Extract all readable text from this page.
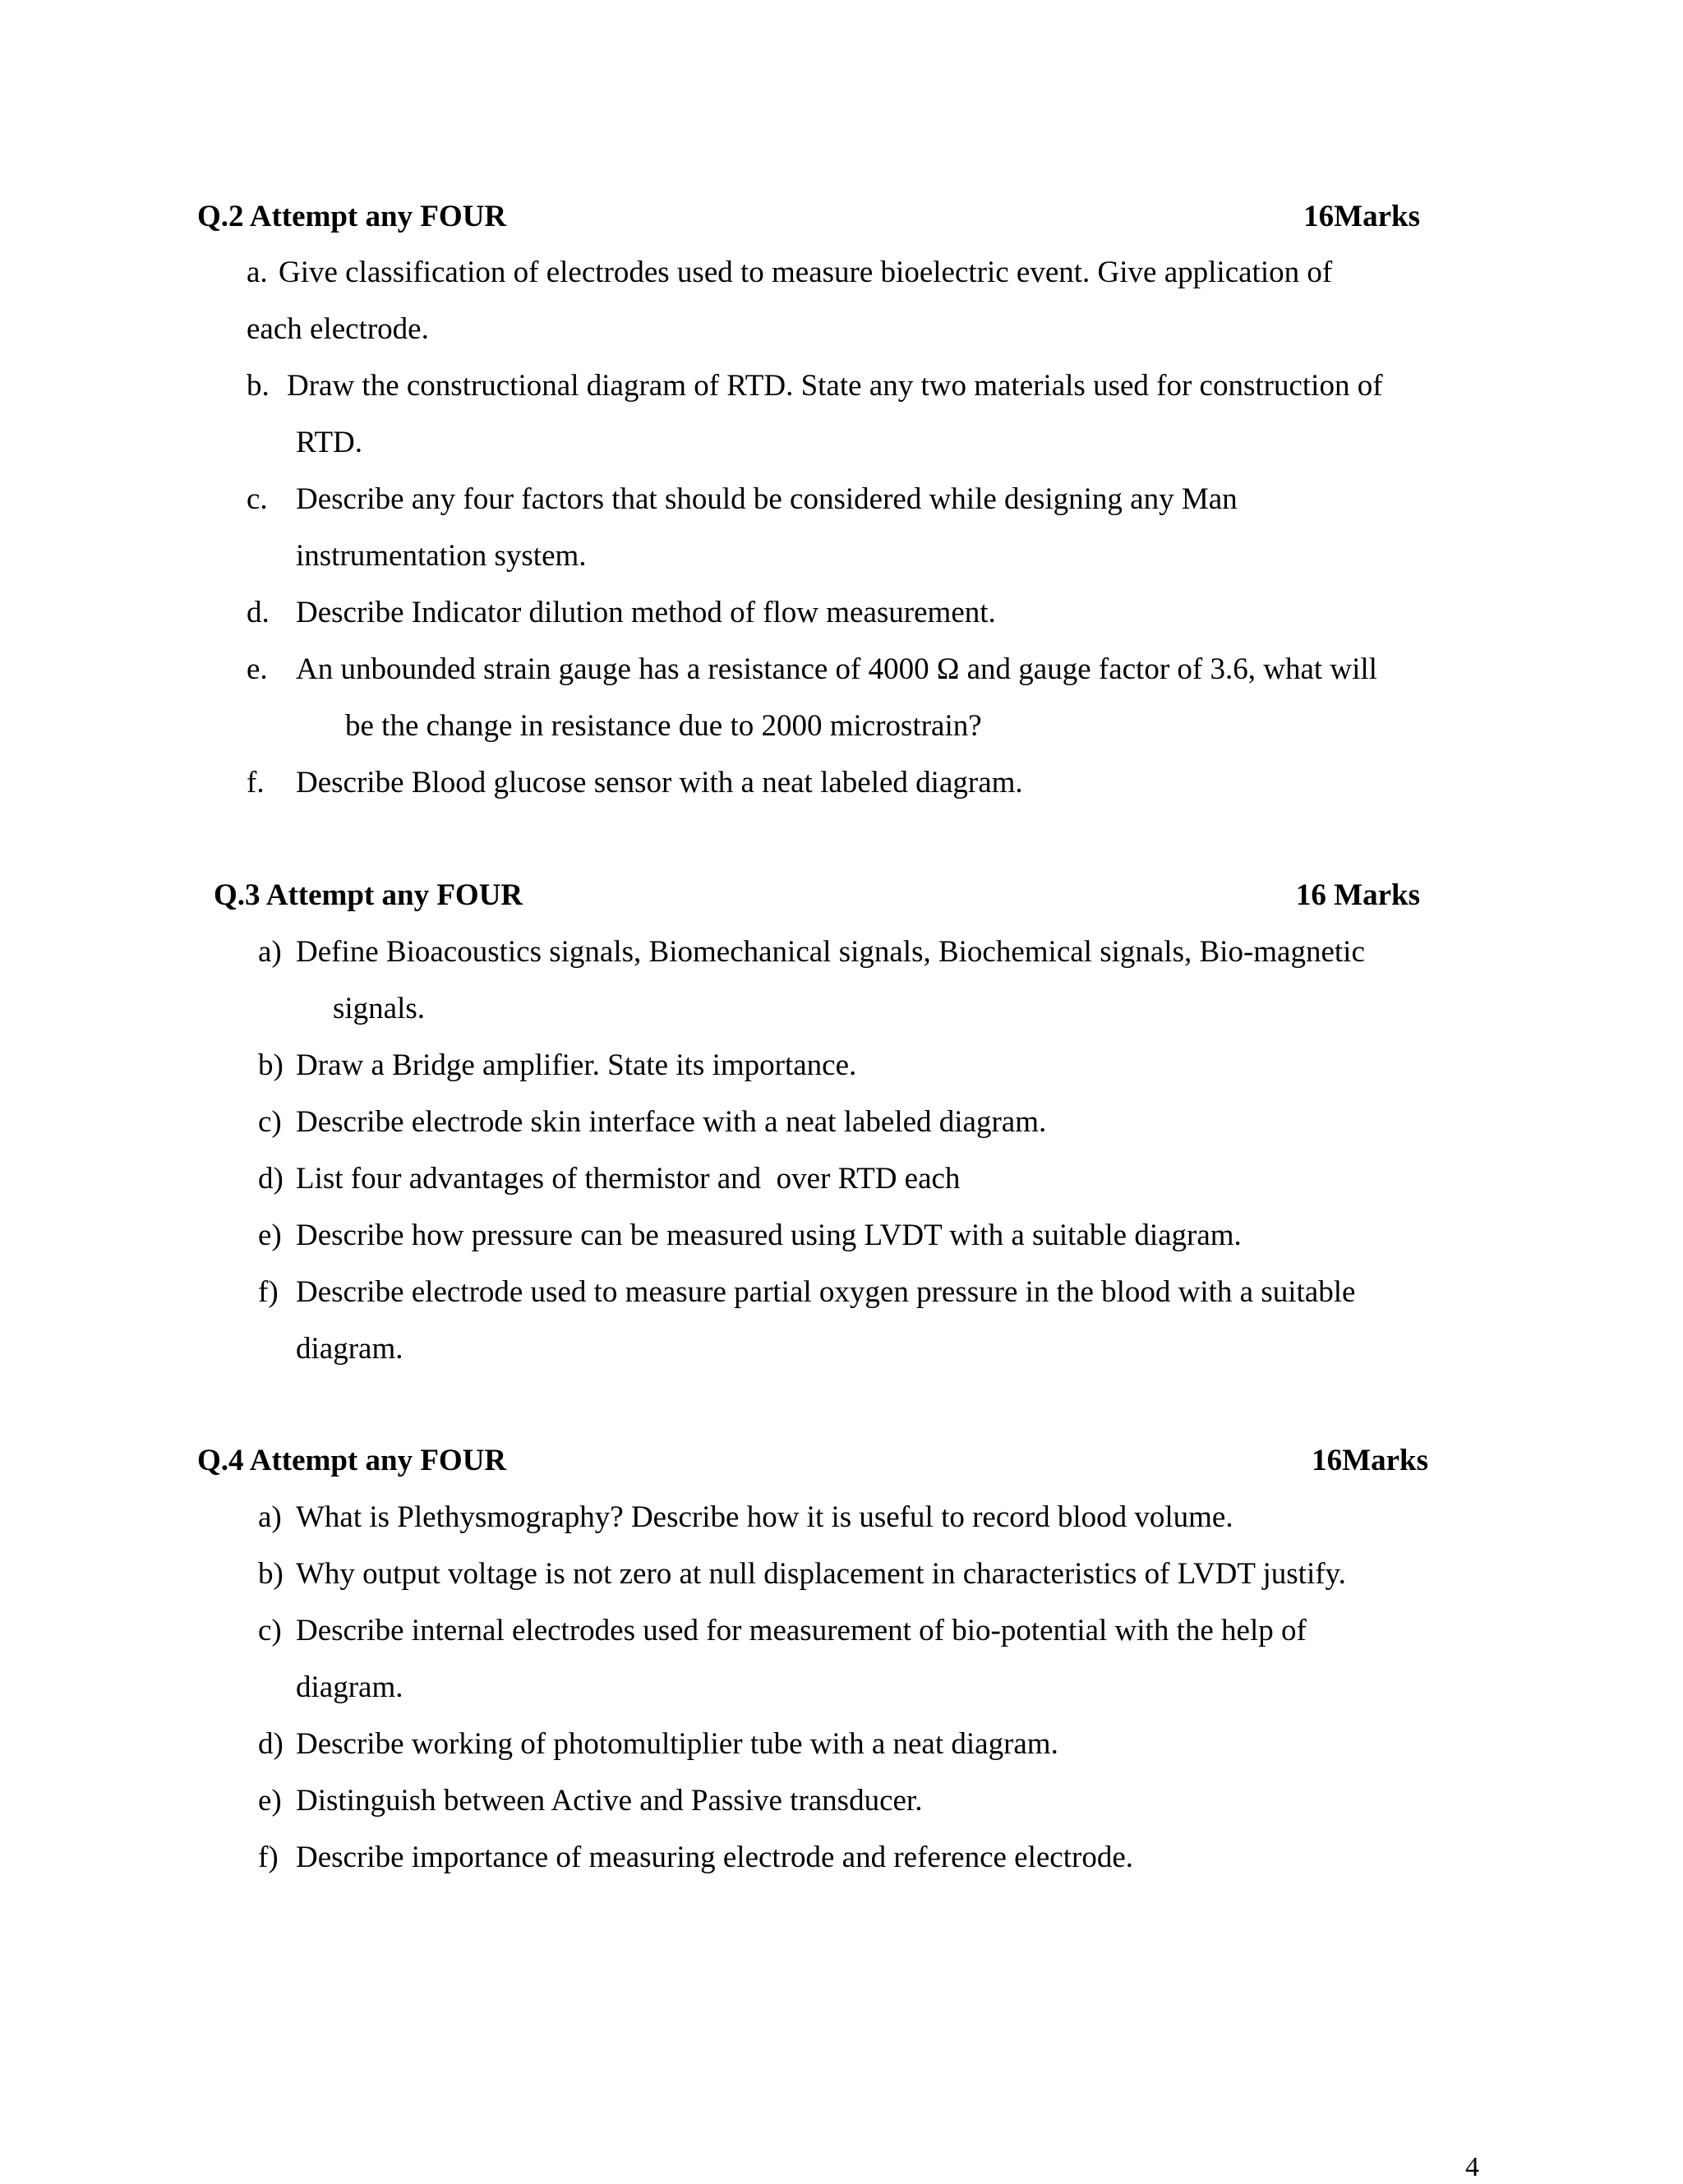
Q.2 Attempt any FOUR	16Marks
a. Give classification of electrodes used to measure bioelectric event. Give application of
each electrode.
b. Draw the constructional diagram of RTD. State any two materials used for construction of
RTD.
c. Describe any four factors that should be considered while designing any Man
instrumentation system.
d. Describe Indicator dilution method of flow measurement.
e. An unbounded strain gauge has a resistance of 4000 Ω and gauge factor of 3.6, what will
be the change in resistance due to 2000 microstrain?
f. Describe Blood glucose sensor with a neat labeled diagram.
Q.3 Attempt any FOUR	16 Marks
a) Define Bioacoustics signals, Biomechanical signals, Biochemical signals, Bio-magnetic
signals.
b) Draw a Bridge amplifier. State its importance.
c) Describe electrode skin interface with a neat labeled diagram.
d) List four advantages of thermistor and  over RTD each
e) Describe how pressure can be measured using LVDT with a suitable diagram.
f) Describe electrode used to measure partial oxygen pressure in the blood with a suitable
diagram.
Q.4 Attempt any FOUR	16Marks
a) What is Plethysmography? Describe how it is useful to record blood volume.
b) Why output voltage is not zero at null displacement in characteristics of LVDT justify.
c) Describe internal electrodes used for measurement of bio-potential with the help of
diagram.
d) Describe working of photomultiplier tube with a neat diagram.
e) Distinguish between Active and Passive transducer.
f) Describe importance of measuring electrode and reference electrode.
4
